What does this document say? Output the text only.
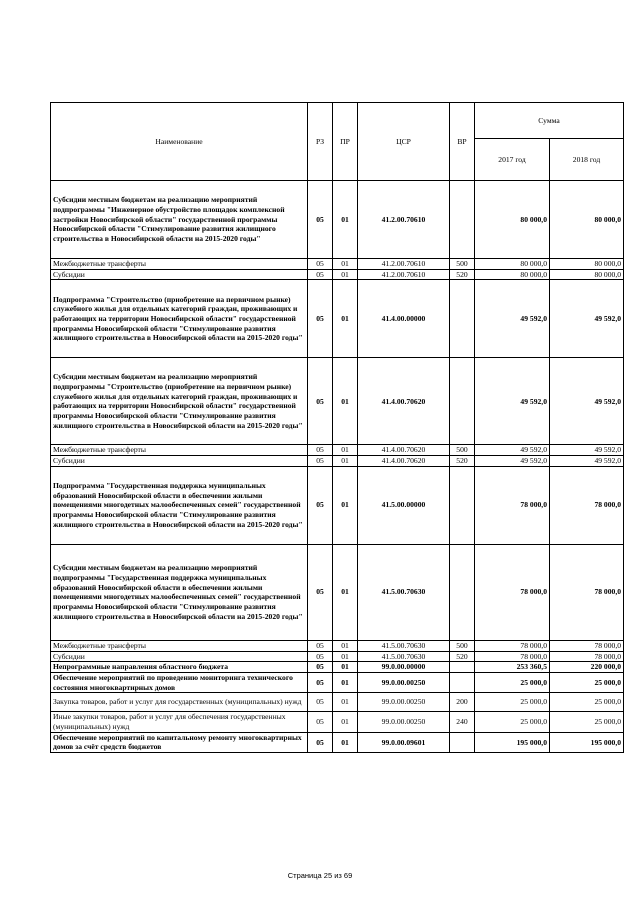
Наименование	РЗ	ПР	ЦСР	ВР	Сумма	
					2017 год	2018 год
Субсидии местным бюджетам на реализацию мероприятий подпрограммы "Инженерное обустройство площадок комплексной застройки Новосибирской области" государственной программы Новосибирской области "Стимулирование развития жилищного строительства в Новосибирской области на 2015-2020 годы"	05	01	41.2.00.70610		80 000,0	80 000,0
Межбюджетные трансферты	05	01	41.2.00.70610	500	80 000,0	80 000,0
Субсидии	05	01	41.2.00.70610	520	80 000,0	80 000,0
Подпрограмма "Строительство (приобретение на первичном рынке) служебного жилья для отдельных категорий граждан, проживающих и работающих на территории Новосибирской области" государственной программы Новосибирской области "Стимулирование развития жилищного строительства в Новосибирской области на 2015-2020 годы"	05	01	41.4.00.00000		49 592,0	49 592,0
Субсидии местным бюджетам на реализацию мероприятий подпрограммы "Строительство (приобретение на первичном рынке) служебного жилья для отдельных категорий граждан, проживающих и работающих на территории Новосибирской области" государственной программы Новосибирской области "Стимулирование развития жилищного строительства в Новосибирской области на 2015-2020 годы"	05	01	41.4.00.70620		49 592,0	49 592,0
Межбюджетные трансферты	05	01	41.4.00.70620	500	49 592,0	49 592,0
Субсидии	05	01	41.4.00.70620	520	49 592,0	49 592,0
Подпрограмма "Государственная поддержка муниципальных образований Новосибирской области в обеспечении жилыми помещениями многодетных малообеспеченных семей" государственной программы Новосибирской области "Стимулирование развития жилищного строительства в Новосибирской области на 2015-2020 годы"	05	01	41.5.00.00000		78 000,0	78 000,0
Субсидии местным бюджетам на реализацию мероприятий подпрограммы "Государственная поддержка муниципальных образований Новосибирской области в обеспечении жилыми помещениями многодетных малообеспеченных семей" государственной программы Новосибирской области "Стимулирование развития жилищного строительства в Новосибирской области на 2015-2020 годы"	05	01	41.5.00.70630		78 000,0	78 000,0
Межбюджетные трансферты	05	01	41.5.00.70630	500	78 000,0	78 000,0
Субсидии	05	01	41.5.00.70630	520	78 000,0	78 000,0
Непрограммные направления областного бюджета	05	01	99.0.00.00000		253 360,5	220 000,0
Обеспечение мероприятий по проведению мониторинга технического состояния многоквартирных домов	05	01	99.0.00.00250		25 000,0	25 000,0
Закупка товаров, работ и услуг для государственных (муниципальных) нужд	05	01	99.0.00.00250	200	25 000,0	25 000,0
Иные закупки товаров, работ и услуг для обеспечения государственных (муниципальных) нужд	05	01	99.0.00.00250	240	25 000,0	25 000,0
Обеспечение мероприятий по капитальному ремонту многоквартирных домов за счёт средств бюджетов	05	01	99.0.00.09601		195 000,0	195 000,0
Страница 25 из 69
